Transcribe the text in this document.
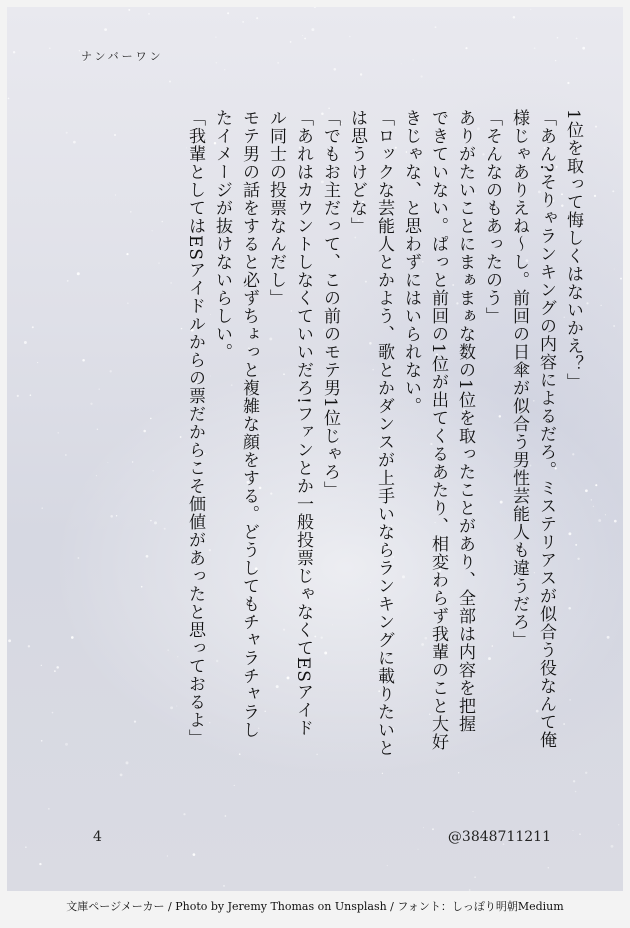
ナンバーワン
1位を取って悔しくはないかえ？」
「あん?そりゃランキングの内容によるだろ。ミステリアスが似合う役なんて俺
様じゃありえね〜し。前回の日傘が似合う男性芸能人も違うだろ」
「そんなのもあったのう」
ありがたいことにまぁまぁな数の1位を取ったことがあり、全部は内容を把握
できていない。ぱっと前回の1位が出てくるあたり、相変わらず我輩のこと大好
きじゃな、と思わずにはいられない。
「ロックな芸能人とかよう、歌とかダンスが上手いならランキングに載りたいと
は思うけどな」
「でもお主だって、この前のモテ男1位じゃろ」
「あれはカウントしなくていいだろ!ファンとか一般投票じゃなくてESアイド
ル同士の投票なんだし」
モテ男の話をすると必ずちょっと複雑な顔をする。どうしてもチャラチャラし
たイメージが抜けないらしい。
「我輩としてはESアイドルからの票だからこそ価値があったと思っておるよ」
4	@3848711211
文庫ページメーカー / Photo by Jeremy Thomas on Unsplash / フォント：しっぽり明朝Medium
